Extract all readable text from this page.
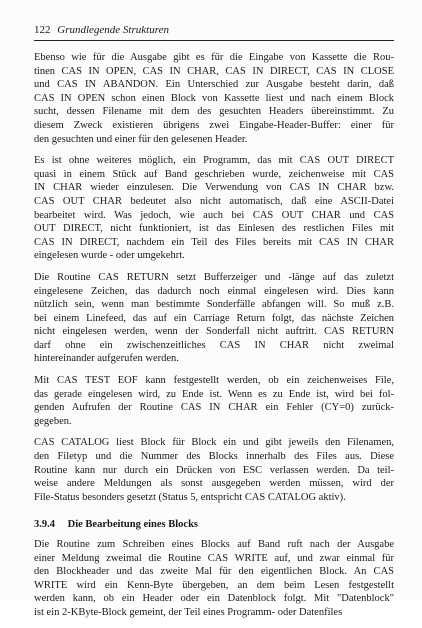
122 Grundlegende Strukturen

Ebenso wie für die Ausgabe gibt es für die Eingabe von Kassette die Rou-
tinen CAS IN OPEN, CAS IN CHAR, CAS IN DIRECT, CAS IN CLOSE
und CAS IN ABANDON. Ein Unterschied zur Ausgabe besteht darin, daß
CAS IN OPEN schon einen Block von Kassette liest und nach einem Block
sucht, dessen Filename mit dem des gesuchten Headers übereinstimmt. Zu
diesem Zweck existieren übrigens zwei Eingabe-Header-Buffer: einer für
den gesuchten und einer für den gelesenen Header.

Es ist ohne weiteres möglich, ein Programm, das mit CAS OUT DIRECT
quasi in einem Stück auf Band geschrieben wurde, zeichenweise mit CAS
IN CHAR wieder einzulesen. Die Verwendung von CAS IN CHAR bzw.
CAS OUT CHAR bedeutet also nicht automatisch, daß eine ASCII-Datei
bearbeitet wird. Was jedoch, wie auch bei CAS OUT CHAR und CAS
OUT DIRECT, nicht funktioniert, ist das Einlesen des restlichen Files mit
CAS IN DIRECT, nachdem ein Teil des Files bereits mit CAS IN CHAR
eingelesen wurde - oder umgekehrt.

Die Routine CAS RETURN setzt Bufferzeiger und -länge auf das zuletzt
eingelesene Zeichen, das dadurch noch einmal eingelesen wird. Dies kann
nützlich sein, wenn man bestimmte Sonderfälle abfangen will. So muß z.B.
bei einem Linefeed, das auf ein Carriage Return folgt, das nächste Zeichen
nicht eingelesen werden, wenn der Sonderfall nicht auftritt. CAS RETURN
darf ohne ein zwischenzeitliches CAS IN CHAR nicht zweimal
hintereinander aufgerufen werden.

Mit CAS TEST EOF kann festgestellt werden, ob ein zeichenweises File,
das gerade eingelesen wird, zu Ende ist. Wenn es zu Ende ist, wird bei fol-
genden Aufrufen der Routine CAS IN CHAR ein Fehler (CY=0) zurück-
gegeben.

CAS CATALOG liest Block für Block ein und gibt jeweils den Filenamen,
den Filetyp und die Nummer des Blocks innerhalb des Files aus. Diese
Routine kann nur durch ein Drücken von ESC verlassen werden. Da teil-
weise andere Meldungen als sonst ausgegeben werden müssen, wird der
File-Status besonders gesetzt (Status 5, entspricht CAS CATALOG aktiv).

3.9.4 Die Bearbeitung eines Blocks

Die Routine zum Schreiben eines Blocks auf Band ruft nach der Ausgabe
einer Meldung zweimal die Routine CAS WRITE auf, und zwar einmal für
den Blockheader und das zweite Mal für den eigentlichen Block. An CAS
WRITE wird ein Kenn-Byte übergeben, an dem beim Lesen festgestellt
werden kann, ob ein Header oder ein Datenblock folgt. Mit "Datenblock"
ist ein 2-KByte-Block gemeint, der Teil eines Programm- oder Datenfiles
